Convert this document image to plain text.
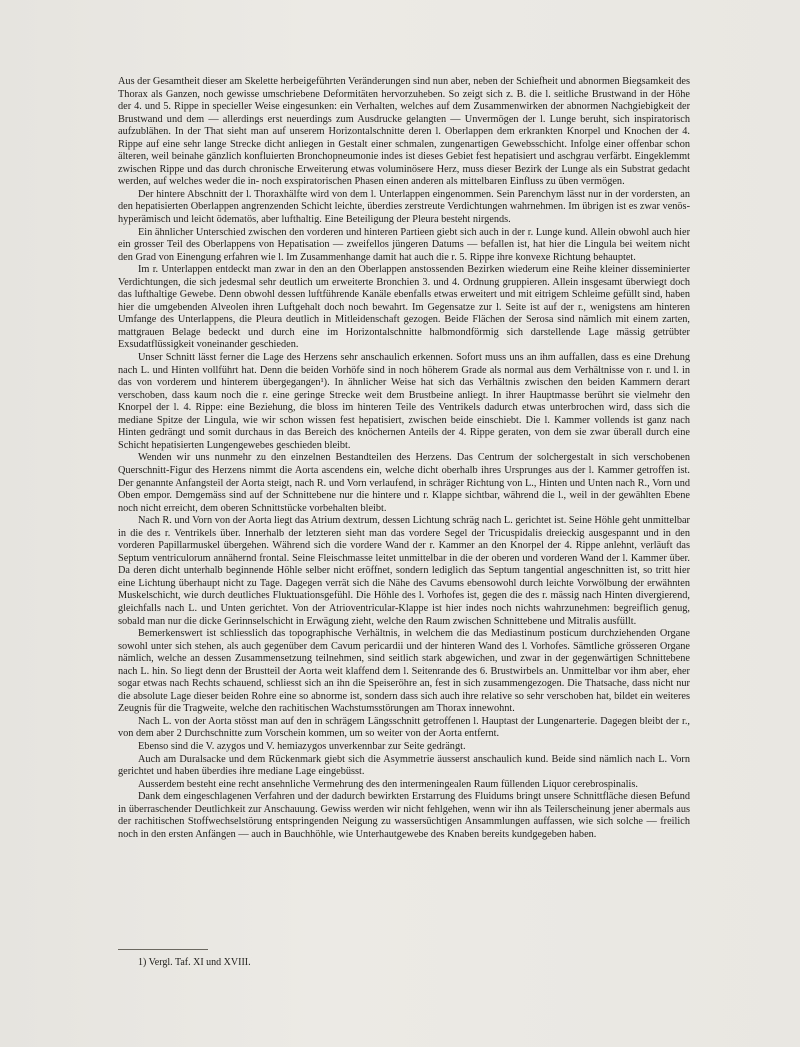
Aus der Gesamtheit dieser am Skelette herbeigeführten Veränderungen sind nun aber, neben der Schiefheit und abnormen Biegsamkeit des Thorax als Ganzen, noch gewisse umschriebene Deformitäten hervorzuheben. So zeigt sich z. B. die l. seitliche Brustwand in der Höhe der 4. und 5. Rippe in specieller Weise eingesunken: ein Verhalten, welches auf dem Zusammenwirken der abnormen Nachgiebigkeit der Brustwand und dem — allerdings erst neuerdings zum Ausdrucke gelangten — Unvermögen der l. Lunge beruht, sich inspiratorisch aufzublähen. In der That sieht man auf unserem Horizontalschnitte deren l. Oberlappen dem erkrankten Knorpel und Knochen der 4. Rippe auf eine sehr lange Strecke dicht anliegen in Gestalt einer schmalen, zungenartigen Gewebsschicht. Infolge einer offenbar schon älteren, weil beinahe gänzlich konfluierten Bronchopneumonie indes ist dieses Gebiet fest hepatisiert und aschgrau verfärbt. Eingeklemmt zwischen Rippe und das durch chronische Erweiterung etwas voluminösere Herz, muss dieser Bezirk der Lunge als ein Substrat gedacht werden, auf welches weder die in- noch exspiratorischen Phasen einen anderen als mittelbaren Einfluss zu üben vermögen.

Der hintere Abschnitt der l. Thoraxhälfte wird von dem l. Unterlappen eingenommen. Sein Parenchym lässt nur in der vordersten, an den hepatisierten Oberlappen angrenzenden Schicht leichte, überdies zerstreute Verdichtungen wahrnehmen. Im übrigen ist es zwar venös-hyperämisch und leicht ödematös, aber lufthaltig. Eine Beteiligung der Pleura besteht nirgends.

Ein ähnlicher Unterschied zwischen den vorderen und hinteren Partieen giebt sich auch in der r. Lunge kund. Allein obwohl auch hier ein grosser Teil des Oberlappens von Hepatisation — zweifellos jüngeren Datums — befallen ist, hat hier die Lingula bei weitem nicht den Grad von Einengung erfahren wie l. Im Zusammenhange damit hat auch die r. 5. Rippe ihre konvexe Richtung behauptet.

Im r. Unterlappen entdeckt man zwar in den an den Oberlappen anstossenden Bezirken wiederum eine Reihe kleiner disseminierter Verdichtungen, die sich jedesmal sehr deutlich um erweiterte Bronchien 3. und 4. Ordnung gruppieren. Allein insgesamt überwiegt doch das lufthaltige Gewebe. Denn obwohl dessen luftführende Kanäle ebenfalls etwas erweitert und mit eitrigem Schleime gefüllt sind, haben hier die umgebenden Alveolen ihren Luftgehalt doch noch bewahrt. Im Gegensatze zur l. Seite ist auf der r., wenigstens am hinteren Umfange des Unterlappens, die Pleura deutlich in Mitleidenschaft gezogen. Beide Flächen der Serosa sind nämlich mit einem zarten, mattgrauen Belage bedeckt und durch eine im Horizontalschnitte halbmondförmig sich darstellende Lage mässig getrübter Exsudatflüssigkeit voneinander geschieden.

Unser Schnitt lässt ferner die Lage des Herzens sehr anschaulich erkennen. Sofort muss uns an ihm auffallen, dass es eine Drehung nach L. und Hinten vollführt hat. Denn die beiden Vorhöfe sind in noch höherem Grade als normal aus dem Verhältnisse von r. und l. in das von vorderem und hinterem übergegangen¹). In ähnlicher Weise hat sich das Verhältnis zwischen den beiden Kammern derart verschoben, dass kaum noch die r. eine geringe Strecke weit dem Brustbeine anliegt. In ihrer Hauptmasse berührt sie vielmehr den Knorpel der l. 4. Rippe: eine Beziehung, die bloss im hinteren Teile des Ventrikels dadurch etwas unterbrochen wird, dass sich die mediane Spitze der Lingula, wie wir schon wissen fest hepatisiert, zwischen beide einschiebt. Die l. Kammer vollends ist ganz nach Hinten gedrängt und somit durchaus in das Bereich des knöchernen Anteils der 4. Rippe geraten, von dem sie zwar überall durch eine Schicht hepatisierten Lungengewebes geschieden bleibt.

Wenden wir uns nunmehr zu den einzelnen Bestandteilen des Herzens. Das Centrum der solchergestalt in sich verschobenen Querschnitt-Figur des Herzens nimmt die Aorta ascendens ein, welche dicht oberhalb ihres Ursprunges aus der l. Kammer getroffen ist. Der genannte Anfangsteil der Aorta steigt, nach R. und Vorn verlaufend, in schräger Richtung von L., Hinten und Unten nach R., Vorn und Oben empor. Demgemäss sind auf der Schnittebene nur die hintere und r. Klappe sichtbar, während die l., weil in der gewählten Ebene noch nicht erreicht, dem oberen Schnittstücke vorbehalten bleibt.

Nach R. und Vorn von der Aorta liegt das Atrium dextrum, dessen Lichtung schräg nach L. gerichtet ist. Seine Höhle geht unmittelbar in die des r. Ventrikels über. Innerhalb der letzteren sieht man das vordere Segel der Tricuspidalis dreieckig ausgespannt und in den vorderen Papillarmuskel übergehen. Während sich die vordere Wand der r. Kammer an den Knorpel der 4. Rippe anlehnt, verläuft das Septum ventriculorum annähernd frontal. Seine Fleischmasse leitet unmittelbar in die der oberen und vorderen Wand der l. Kammer über. Da deren dicht unterhalb beginnende Höhle selber nicht eröffnet, sondern lediglich das Septum tangential angeschnitten ist, so tritt hier eine Lichtung überhaupt nicht zu Tage. Dagegen verrät sich die Nähe des Cavums ebensowohl durch leichte Vorwölbung der erwähnten Muskelschicht, wie durch deutliches Fluktuationsgefühl. Die Höhle des l. Vorhofes ist, gegen die des r. mässig nach Hinten divergierend, gleichfalls nach L. und Unten gerichtet. Von der Atrioventricular-Klappe ist hier indes noch nichts wahrzunehmen: begreiflich genug, sobald man nur die dicke Gerinnselschicht in Erwägung zieht, welche den Raum zwischen Schnittebene und Mitralis ausfüllt.

Bemerkenswert ist schliesslich das topographische Verhältnis, in welchem die das Mediastinum posticum durchziehenden Organe sowohl unter sich stehen, als auch gegenüber dem Cavum pericardii und der hinteren Wand des l. Vorhofes. Sämtliche grösseren Organe nämlich, welche an dessen Zusammensetzung teilnehmen, sind seitlich stark abgewichen, und zwar in der gegenwärtigen Schnittebene nach L. hin. So liegt denn der Brustteil der Aorta weit klaffend dem l. Seitenrande des 6. Brustwirbels an. Unmittelbar vor ihm aber, eher sogar etwas nach Rechts schauend, schliesst sich an ihn die Speiseröhre an, fest in sich zusammengezogen. Die Thatsache, dass nicht nur die absolute Lage dieser beiden Rohre eine so abnorme ist, sondern dass sich auch ihre relative so sehr verschoben hat, bildet ein weiteres Zeugnis für die Tragweite, welche den rachitischen Wachstumsstörungen am Thorax innewohnt.

Nach L. von der Aorta stösst man auf den in schrägem Längsschnitt getroffenen l. Hauptast der Lungenarterie. Dagegen bleibt der r., von dem aber 2 Durchschnitte zum Vorschein kommen, um so weiter von der Aorta entfernt.

Ebenso sind die V. azygos und V. hemiazygos unverkennbar zur Seite gedrängt.

Auch am Duralsacke und dem Rückenmark giebt sich die Asymmetrie äusserst anschaulich kund. Beide sind nämlich nach L. Vorn gerichtet und haben überdies ihre mediane Lage eingebüsst.

Ausserdem besteht eine recht ansehnliche Vermehrung des den intermeningealen Raum füllenden Liquor cerebrospinalis.

Dank dem eingeschlagenen Verfahren und der dadurch bewirkten Erstarrung des Fluidums bringt unsere Schnittfläche diesen Befund in überraschender Deutlichkeit zur Anschauung. Gewiss werden wir nicht fehlgehen, wenn wir ihn als Teilerscheinung jener abermals aus der rachitischen Stoffwechselstörung entspringenden Neigung zu wassersüchtigen Ansammlungen auffassen, wie sich solche — freilich noch in den ersten Anfängen — auch in Bauchhöhle, wie Unterhautgewebe des Knaben bereits kundgegeben haben.

1) Vergl. Taf. XI und XVIII.
